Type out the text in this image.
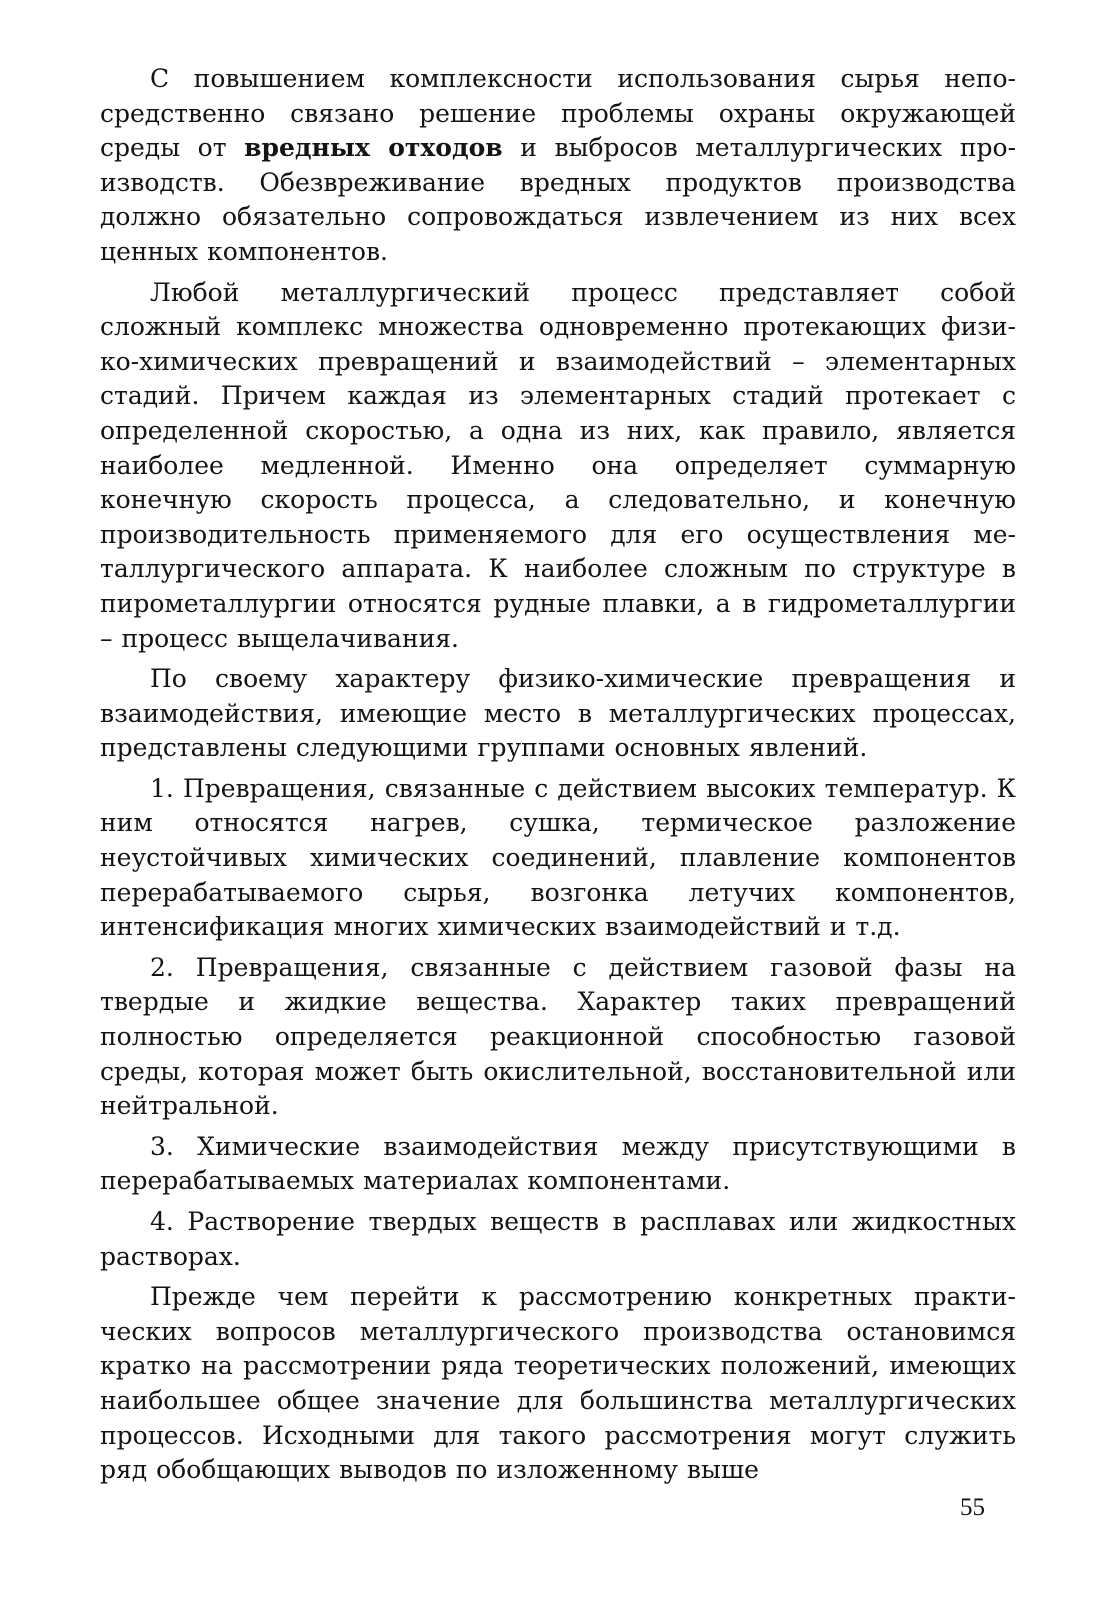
С повышением комплексности использования сырья непосредственно связано решение проблемы охраны окружающей среды от вредных отходов и выбросов металлургических производств. Обезвреживание вредных продуктов производства должно обязательно сопровождаться извлечением из них всех ценных компонентов.

Любой металлургический процесс представляет собой сложный комплекс множества одновременно протекающих физико-химических превращений и взаимодействий – элементарных стадий. Причем каждая из элементарных стадий протекает с определенной скоростью, а одна из них, как правило, является наиболее медленной. Именно она определяет суммарную конечную скорость процесса, а следовательно, и конечную производительность применяемого для его осуществления металлургического аппарата. К наиболее сложным по структуре в пирометаллургии относятся рудные плавки, а в гидрометаллургии – процесс выщелачивания.

По своему характеру физико-химические превращения и взаимодействия, имеющие место в металлургических процессах, представлены следующими группами основных явлений.

1. Превращения, связанные с действием высоких температур. К ним относятся нагрев, сушка, термическое разложение неустойчивых химических соединений, плавление компонентов перерабатываемого сырья, возгонка летучих компонентов, интенсификация многих химических взаимодействий и т.д.

2. Превращения, связанные с действием газовой фазы на твердые и жидкие вещества. Характер таких превращений полностью определяется реакционной способностью газовой среды, которая может быть окислительной, восстановительной или нейтральной.

3. Химические взаимодействия между присутствующими в перерабатываемых материалах компонентами.

4. Растворение твердых веществ в расплавах или жидкостных растворах.

Прежде чем перейти к рассмотрению конкретных практических вопросов металлургического производства остановимся кратко на рассмотрении ряда теоретических положений, имеющих наибольшее общее значение для большинства металлургических процессов. Исходными для такого рассмотрения могут служить ряд обобщающих выводов по изложенному выше

55
